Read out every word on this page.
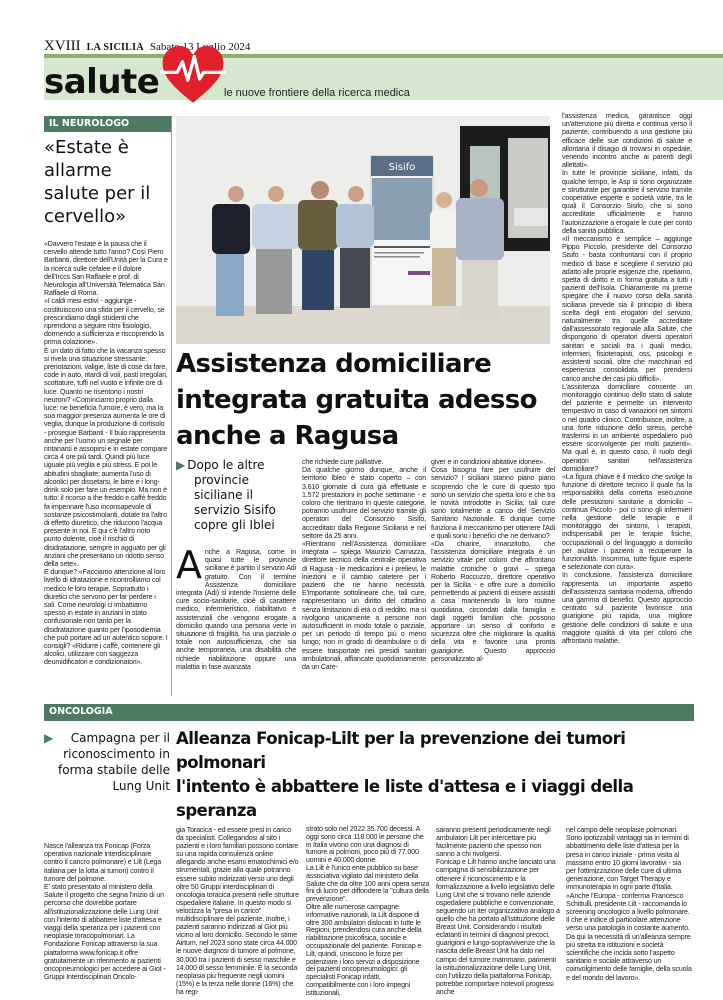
XVIII LA SICILIA Sabato 13 Luglio 2024
salute	le nuove frontiere della ricerca medica
IL NEUROLOGO
«Estate è allarme salute per il cervello»

«Davvero l'estate è la pausa che il cervello attende tutto l'anno? Così Piero Barbanti, direttore dell'Unità per la Cura e la ricerca sulle cefalee e il dolore dell'Irccs San Raffaele e prof. di Neurologia all'Università Telematica San Raffaele di Roma.

«I caldi mesi estivi - aggiunge - costituiscono una sfida per il cervello, se prescindiamo dagli studenti che riprendono a seguire ritmi fisiologici, dormendo a sufficienza e riscoprendo la prima colazione».

È un dato di fatto che la vacanza spesso si rivela una situazione stressante: prenotazioni, valigie, liste di cose da fare, code in auto, ritardi di voli, pasti irregolari, scottature, tuffi nel vuoto e infinite ore di luce. Quanto ne risentono i nostri neuroni? «Cominciamo proprio dalla luce: ne beneficia l'umore, è vero, ma la sua maggior presenza aumenta le ore di veglia, dunque la produzione di cortisolo - prosegue Barbanti - Il buio rappresenta anche per l'uomo un segnale per rintanarsi e assopirsi e in estate compare circa 4 ore più tardi. Quindi più luce uguale più veglia e più stress. E poi le abitudini sbagliate: aumenta l'uso di alcoolici per dissetarsi, le birre e i long-drink solo per fare un esempio. Ma non è tutto: il ricorso a the freddo e caffè freddo fa impennare l'uso inconsapevole di sostanze psicostimolanti, dotate tra l'altro di effetto diuretico, che riducono l'acqua presente in noi. E qui c'è l'altro noto punto dolente, cioè il rischio di disidratazione, sempre in agguato per gli anziani che presentano un ridotto senso della sete».

E dunque? «Facciamo attenzione al loro livello di idratazione e ricontrolliamo col medico le loro terapie. Soprattutto i diuretici che servono per far perdere i sali. Come neurologi ci imbattiamo spesso in estate in anziani in stato confusionale non tanto per la disidratazione quanto per l'iposodiemia che può portare ad un autentico sopore. I consigli? «Ridurre i caffè, contenere gli alcolici, utilizzare con saggezza deumidificatori e condizionatori».

Sisifo
Assistenza domiciliare integrata gratuita adesso anche a Ragusa
▶ Dopo le altre
provincie siciliane il servizio Sisifo copre gli Iblei
A nche a Ragusa, come in quasi tutte le provincie siciliane è partito il servizio Adi gratuito. Con il termine Assistenza domiciliare integrata (Adi) si intende l'insieme delle cure socio-sanitarie, cioè di carattere medico, infermieristico, riabilitativo e assistenziali che vengono erogate a domicilio quando una persona verte in situazione di fragilità, ha una parziale o totale non autosufficienza, che sia anche temporanea, una disabilità che richiede riabilitazione oppure una malattia in fase avanzata

che richiede cure palliative.

Da qualche giorno dunque, anche il territorio Ibleo è stato coperto – con 3.610 giornate di cura già effettuate e 1.572 prestazioni in poche settimane - e coloro che rientrano in queste categorie, potranno usufruire del servizio tramite gli operatori del Consorzio Sisifo, accreditato dalla Regione Siciliana e nel settore da 25 anni.

«Rientrano nell'Assistenza domiciliare integrata – spiega Maurizio Carnazza, direttore tecnico della centrale operativa di Ragusa - le medicazioni e i prelievi, le iniezioni e il cambio catetere per i pazienti che ne hanno necessità. E'importante sottolineare che, tali cure, rappresentano un diritto del cittadino senza limitazioni di età o di reddito, ma si rivolgono unicamente a persone non autosufficienti in modo totale o parziale, per un periodo di tempo più o meno lungo; non in grado di deambulare o di essere trasportate nei presidi sanitari ambulatoriali, affiancate quotidianamente da un Care-

giver e in condizioni abitative idonee».

Cosa bisogna fare per usufruire del servizio? I siciliani stanno piano piano scoprendo che le cure di questo tipo sono un servizio che spetta loro e che tra le novità introdotte in Sicilia, tali cure sono totalmente a carico del Servizio Sanitario Nazionale. E dunque come funziona il meccanismo per ottenere l'Adi e quali sono i benefici che ne derivano?

«Da chiarire, innanzitutto, che l'assistenza domiciliare integrata è un servizio vitale per coloro che affrontano malattie croniche o gravi – spiega Roberto Roccuzzo, direttore operativo per la Sicilia - e offre cure a domicilio permettendo ai pazienti di essere assistiti a casa mantenendo la loro routine quotidiana, circondati dalla famiglia e dagli oggetti familiari che possono apportare un senso di conforto e sicurezza oltre che migliorare la qualità della vita e favorire una pronta guarigione. Questo approccio personalizzato al-

l'assistenza medica, garantisce oggi un'attenzione più diretta e continua verso il paziente, contribuendo a una gestione più efficace delle sue condizioni di salute e allontana il disagio di trovarsi in ospedale, venendo incontro anche ai parenti degli allettati».

In tutte le provincie siciliane, infatti, da qualche tempo, le Asp si sono organizzate e strutturate per garantire il servizio tramite cooperative esperte e società varie, tra le quali il Consorzio Sisifo, che si sono accreditate ufficialmente e hanno l'autorizzazione a erogare le cure per conto della sanità pubblica.

«Il meccanismo è semplice – aggiunge Pippo Piccolo, presidente del Consorzio Sisifo - basta confrontarsi con il proprio medico di base e scegliere il servizio più adatto alle proprie esigenze che, ripetiamo, spetta di diritto e in forma gratuita a tutti i pazienti dell'Isola. Chiaramente mi preme spiegare che il nuovo corso della sanità siciliana prevede sia il principio di libera scelta degli enti erogatori del servizio, naturalmente tra quelle accreditate dall'assessorato regionale alla Salute, che dispongono di operatori diversi operatori sanitari e sociali tra i quali medici, infermieri, fisioterapisti, oss, psicologi e assistenti sociali, oltre che macchinari ed esperienza consolidata per prendersi carico anche dei casi più difficili».

L'assistenza domiciliare consente un monitoraggio continuo dello stato di salute del paziente e permette un intervento tempestivo in caso di variazioni nei sintomi o nel quadro clinico. Contribuisce, inoltre, a una forte riduzione dello stress, perché trasferirsi in un ambiente ospedaliero può essere sconvolgente per molti pazienti». Ma qual è, in questo caso, il ruolo degli operatori sanitari nell'assistenza domiciliare?

«La figura chiave è il medico che svolge la funzione di direttore tecnico il quale ha la responsabilità della corretta esecuzione delle prestazioni sanitarie a domicilio – continua Piccolo - poi ci sono gli infermieri nella gestione delle terapie e il monitoraggio dei sintomi, i terapisti, indispensabili per le terapie fisiche, occupazionali o del linguaggio a domicilio per aiutare i pazienti a recuperare la funzionalità. Insomma, tutte figure esperte e selezionate con cura».

In conclusione, l'assistenza domiciliare rappresenta un importante aspetto dell'assistenza sanitaria moderna, offrendo una gamma di benefici. Questo approccio centrato sul paziente favorisce una guarigione più rapida, una migliore gestione delle condizioni di salute e una maggiore qualità di vita per coloro che affrontano malattie.

ONCOLOGIA
▶ Campagna per il
riconoscimento in forma stabile delle Lung Unit
Alleanza Fonicap-Lilt per la prevenzione dei tumori polmonari
l'intento è abbattere le liste d'attesa e i viaggi della speranza

Nasce l'alleanza tra Fonicap (Forza operativa nazionale interdisciplinare contro il cancro polmonare) e Lilt (Lega italiana per la lotta ai tumori) contro il tumore del polmone.

E' stato presentato al ministero della Salute il progetto che segna l'inizio di un percorso che dovrebbe portare all'istituzionalizzazione delle Lung Unit con l'intento di abbattere liste d'attesa e viaggi della speranza per i pazienti con neoplasie toracopolmonari. La Fondazione Fonicap attraverso la sua piattaforma www.fonicap.it offre gratuitamente un riferimento ai pazienti oncopneumologici per accedere ai Giot - Gruppi Interdisciplinari Oncolo-

gia Toracica - ed essere presi in carico da specialisti. Collegandosi al sito i pazienti e i loro familiari possono contare su una rapida consulenza online allegando anche esami ematochimici e/o strumentali, grazie alla quale potranno essere subito indirizzati verso uno degli oltre 50 Gruppi interdisciplinari di oncologia toracica presenti nelle strutture ospedaliere italiane. In questo modo si velocizza la "presa in carico" multidisciplinare del paziente. Inoltre, i pazienti saranno indirizzati al Giot più vicino al loro domicilio. Secondo le stime Airtum, nel 2023 sono state circa 44.000 le nuove diagnosi di tumore al polmone, 30.000 tra i pazienti di sesso maschile e 14.000 di sesso femminile. È la seconda neoplasia più frequente negli uomini (15%) e la terza nelle donne (16%) che ha regi-

strato solo nel 2022 35.700 decessi. A oggi sono circa 118.000 le persone che in Italia vivono con una diagnosi di tumore ai polmoni, poco più di 77.000 uomini e 40.000 donne.

La Lilt è l'unico ente pubblico su base associativa vigilato dal ministero della Salute che da oltre 100 anni opera senza fini di lucro per diffondere la "cultura della prevenzione".

Oltre alle numerose campagne informative nazionali, la Lilt dispone di oltre 300 ambulatori dislocati in tutte le Regioni, prendendosi cura anche della riabilitazione psicofisica, sociale e occupazionale del paziente. Fonicap e Lilt, quindi, uniscono le forze per potenziare i loro servizi a disposizione dei pazienti oncopneumologici: gli specialisti Fonicap infatti, compatibilmente con i loro impegni istituzionali,

saranno presenti periodicamente negli ambulatori Lilt per intercettare più facilmente pazienti che spesso non sanno a chi rivolgersi.

Fonicap e Lilt hanno anche lanciato una campagna di sensibilizzazione per ottenere il riconoscimento e la formalizzazione a livello legislativo delle Lung Unit che si trovano nelle aziende ospedaliere pubbliche e convenzionate, seguendo un iter organizzativo analogo a quello che ha portato all'istituzione delle Breast Unit. Considerando i risultati eclatanti in termini di diagnosi precoci, guarigioni e lungo-sopravvivenze che la nascita delle Breast Unit ha dato nel campo del tumore mammario, parimenti la istituzionalizzazione delle Lung Unit, con l'utilizzo della piattaforma Fonicap, potrebbe comportare notevoli progressi anche

nel campo delle neoplasie polmonari. Sono ipotizzabili vantaggi sia in termini di abbattimento delle liste d'attesa per la presa in carico iniziale - prima visita al massimo entro 10 giorni lavorativi - sia per l'ottimizzazione delle cure di ultima generazione, con Target Therapy e immunoterapia in ogni parte d'Italia.

«Anche l'Europa - conferma Francesco Schittulli, presidente Lilt - raccomanda lo screening oncologico a livello polmonare. Il che è indice di particolare attenzione verso una patologia in costante aumento. Da qui la necessità di un'alleanza sempre più stretta tra istituzioni e società scientifiche che incida sotto l'aspetto sanitario e sociale attraverso un coinvolgimento delle famiglie, della scuola e del mondo del lavoro».
